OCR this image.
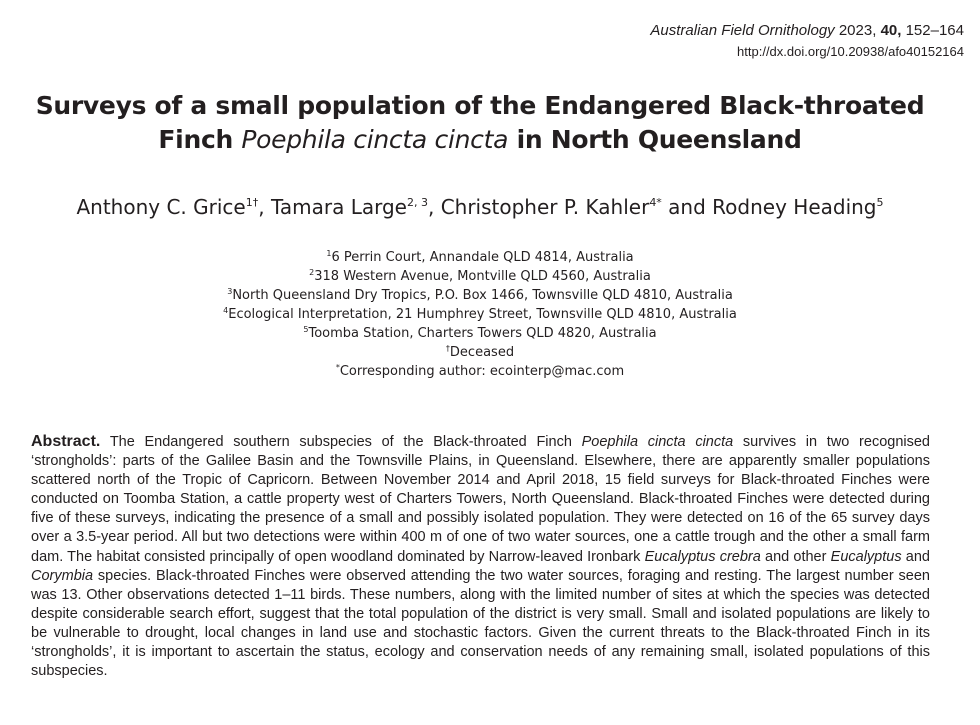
Australian Field Ornithology 2023, 40, 152–164
http://dx.doi.org/10.20938/afo40152164
Surveys of a small population of the Endangered Black-throated
Finch Poephila cincta cincta in North Queensland
Anthony C. Grice$^{1\dagger}$, Tamara Large$^{2, 3}$, Christopher P. Kahler$^{4*}$ and Rodney Heading$^5$
$^1$6 Perrin Court, Annandale QLD 4814, Australia
$^2$318 Western Avenue, Montville QLD 4560, Australia
$^3$North Queensland Dry Tropics, P.O. Box 1466, Townsville QLD 4810, Australia
$^4$Ecological Interpretation, 21 Humphrey Street, Townsville QLD 4810, Australia
$^5$Toomba Station, Charters Towers QLD 4820, Australia
†Deceased
*Corresponding author: ecointerp@mac.com
Abstract. The Endangered southern subspecies of the Black-throated Finch Poephila cincta cincta survives in two recognised ‘strongholds’: parts of the Galilee Basin and the Townsville Plains, in Queensland. Elsewhere, there are apparently smaller populations scattered north of the Tropic of Capricorn. Between November 2014 and April 2018, 15 field surveys for Black-throated Finches were conducted on Toomba Station, a cattle property west of Charters Towers, North Queensland. Black-throated Finches were detected during five of these surveys, indicating the presence of a small and possibly isolated population. They were detected on 16 of the 65 survey days over a 3.5-year period. All but two detections were within 400 m of one of two water sources, one a cattle trough and the other a small farm dam. The habitat consisted principally of open woodland dominated by Narrow-leaved Ironbark Eucalyptus crebra and other Eucalyptus and Corymbia species. Black-throated Finches were observed attending the two water sources, foraging and resting. The largest number seen was 13. Other observations detected 1–11 birds. These numbers, along with the limited number of sites at which the species was detected despite considerable search effort, suggest that the total population of the district is very small. Small and isolated populations are likely to be vulnerable to drought, local changes in land use and stochastic factors. Given the current threats to the Black-throated Finch in its ‘strongholds’, it is important to ascertain the status, ecology and conservation needs of any remaining small, isolated populations of this subspecies.
